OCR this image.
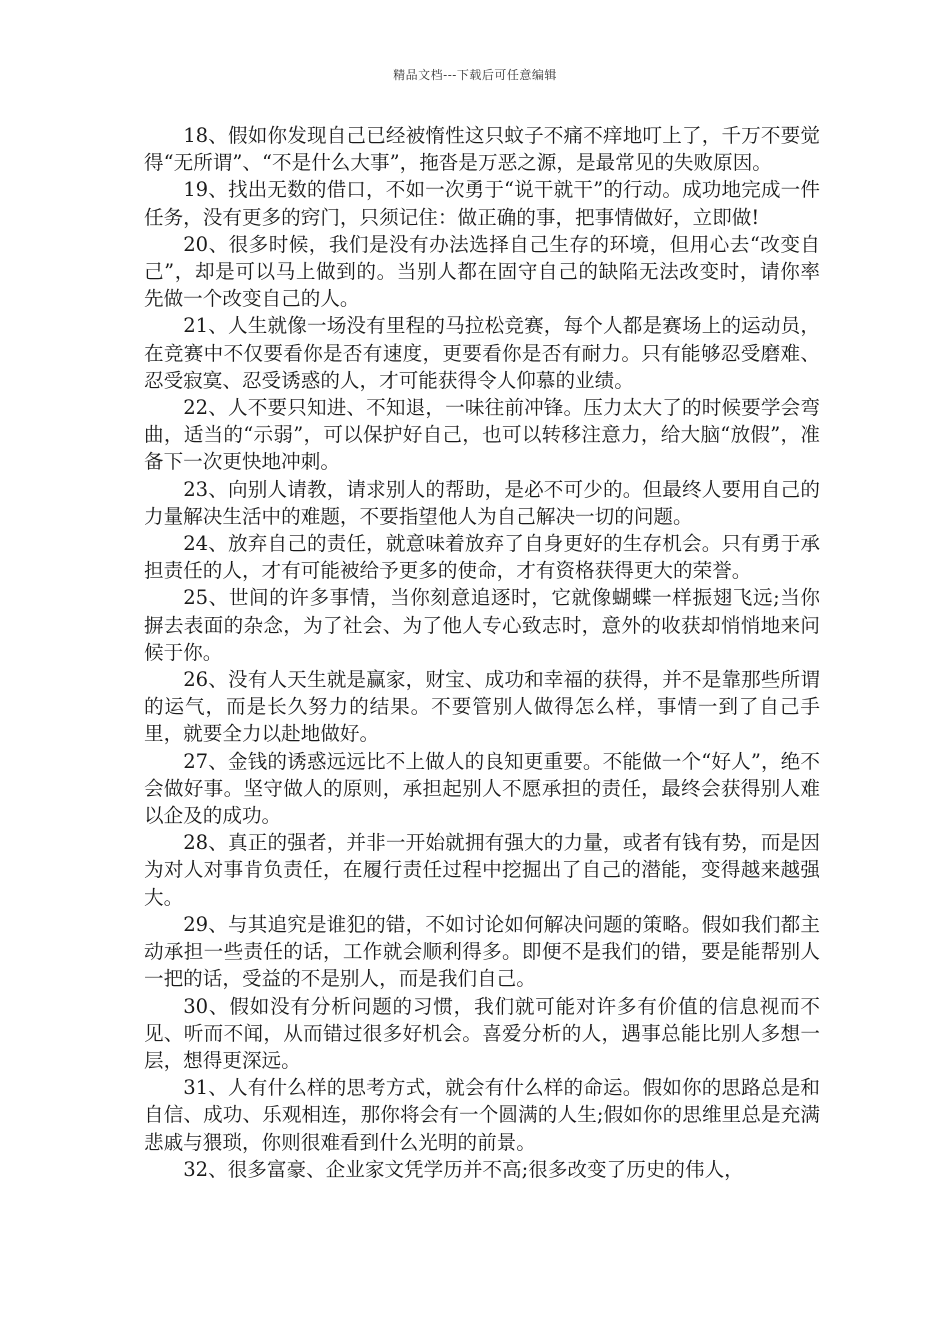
精品文档---下载后可任意编辑

18、假如你发现自己已经被惰性这只蚊子不痛不痒地叮上了，千万不要觉得“无所谓”、“不是什么大事”，拖沓是万恶之源，是最常见的失败原因。

19、找出无数的借口，不如一次勇于“说干就干”的行动。成功地完成一件任务，没有更多的窍门，只须记住：做正确的事，把事情做好，立即做!

20、很多时候，我们是没有办法选择自己生存的环境，但用心去“改变自己”，却是可以马上做到的。当别人都在固守自己的缺陷无法改变时，请你率先做一个改变自己的人。

21、人生就像一场没有里程的马拉松竞赛，每个人都是赛场上的运动员，在竞赛中不仅要看你是否有速度，更要看你是否有耐力。只有能够忍受磨难、忍受寂寞、忍受诱惑的人，才可能获得令人仰慕的业绩。

22、人不要只知进、不知退，一味往前冲锋。压力太大了的时候要学会弯曲，适当的“示弱”，可以保护好自己，也可以转移注意力，给大脑“放假”，准备下一次更快地冲刺。

23、向别人请教，请求别人的帮助，是必不可少的。但最终人要用自己的力量解决生活中的难题，不要指望他人为自己解决一切的问题。

24、放弃自己的责任，就意味着放弃了自身更好的生存机会。只有勇于承担责任的人，才有可能被给予更多的使命，才有资格获得更大的荣誉。

25、世间的许多事情，当你刻意追逐时，它就像蝴蝶一样振翅飞远;当你摒去表面的杂念，为了社会、为了他人专心致志时，意外的收获却悄悄地来问候于你。

26、没有人天生就是赢家，财宝、成功和幸福的获得，并不是靠那些所谓的运气，而是长久努力的结果。不要管别人做得怎么样，事情一到了自己手里，就要全力以赴地做好。

27、金钱的诱惑远远比不上做人的良知更重要。不能做一个“好人”，绝不会做好事。坚守做人的原则，承担起别人不愿承担的责任，最终会获得别人难以企及的成功。

28、真正的强者，并非一开始就拥有强大的力量，或者有钱有势，而是因为对人对事肯负责任，在履行责任过程中挖掘出了自己的潜能，变得越来越强大。

29、与其追究是谁犯的错，不如讨论如何解决问题的策略。假如我们都主动承担一些责任的话，工作就会顺利得多。即便不是我们的错，要是能帮别人一把的话，受益的不是别人，而是我们自己。

30、假如没有分析问题的习惯，我们就可能对许多有价值的信息视而不见、听而不闻，从而错过很多好机会。喜爱分析的人，遇事总能比别人多想一层，想得更深远。

31、人有什么样的思考方式，就会有什么样的命运。假如你的思路总是和自信、成功、乐观相连，那你将会有一个圆满的人生;假如你的思维里总是充满悲戚与猥琐，你则很难看到什么光明的前景。

32、很多富豪、企业家文凭学历并不高;很多改变了历史的伟人，
